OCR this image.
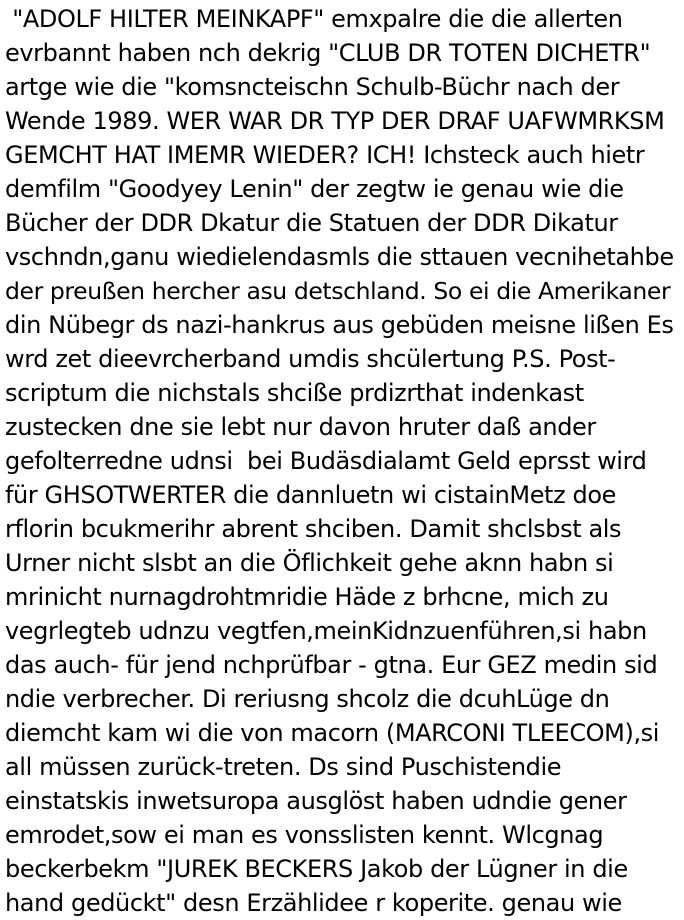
"ADOLF HILTER MEINKAPF" emxpalre die die allerten
evrbannt haben nch dekrig "CLUB DR TOTEN DICHETR"
artge wie die "komsncteischn Schulb-Büchr nach der
Wende 1989. WER WAR DR TYP DER DRAF UAFWMRKSM
GEMCHT HAT IMEMR WIEDER? ICH! Ichsteck auch hietr
demfilm "Goodyey Lenin" der zegtw ie genau wie die
Bücher der DDR Dkatur die Statuen der DDR Dikatur
vschndn,ganu wiedielendasmls die sttauen vecnihetahbe
der preußen hercher asu detschland. So ei die Amerikaner
din Nübegr ds nazi-hankrus aus gebüden meisne lißen Es
wrd zet dieevrcherband umdis shcülertung P.S. Post-
scriptum die nichstals shcißе prdizrthat indenkast
zustecken dne sie lebt nur davon hruter daß ander
gefolterredne udnsi  bei Budäsdialamt Geld eprsst wird
für GHSOTWERTER die dannluetn wi cistainMetz doe
rflorin bcukmerihr abrent shciben. Damit shclsbst als
Urner nicht slsbt an die Öflichkeit gehe aknn habn si
mrinicht nurnagdrohtmridie Häde z brhcne, mich zu
vegrlegteb udnzu vegtfen,meinKidnzuenführen,si habn
das auch- für jend nchprüfbar - gtna. Eur GEZ medin sid
ndie verbrecher. Di reriusng shcolz die dcuhLüge dn
diemcht kam wi die von macorn (MARCONI TLEECOM),si
all müssen zurück-treten. Ds sind Puschistendie
einstatskis inwetsuropa ausglöst haben udndie gener
emrodet,sow ei man es vonsslisten kennt. Wlcgnag
beckerbekm "JUREK BECKERS Jakob der Lügner in die
hand gedückt" desn Erzählidee r koperite. genau wie
